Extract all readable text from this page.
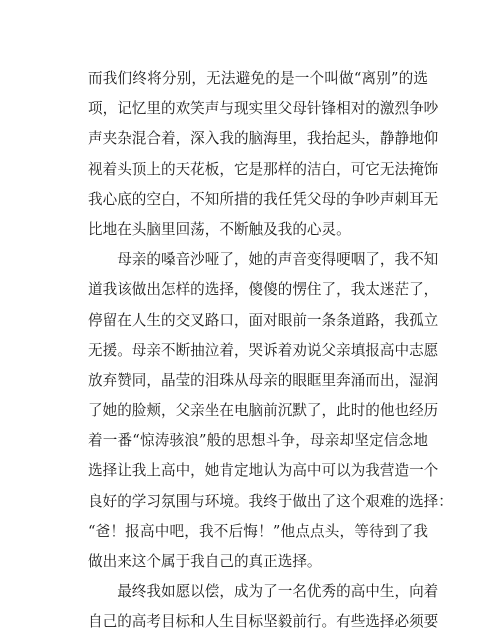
而我们终将分别，无法避免的是一个叫做“离别”的选
项，记忆里的欢笑声与现实里父母针锋相对的激烈争吵
声夹杂混合着，深入我的脑海里，我抬起头，静静地仰
视着头顶上的天花板，它是那样的洁白，可它无法掩饰
我心底的空白，不知所措的我任凭父母的争吵声刺耳无
比地在头脑里回荡，不断触及我的心灵。
　　母亲的嗓音沙哑了，她的声音变得哽咽了，我不知
道我该做出怎样的选择，傻傻的愣住了，我太迷茫了，
停留在人生的交叉路口，面对眼前一条条道路，我孤立
无援。母亲不断抽泣着，哭诉着劝说父亲填报高中志愿
放弃赞同，晶莹的泪珠从母亲的眼眶里奔涌而出，湿润
了她的脸颊，父亲坐在电脑前沉默了，此时的他也经历
着一番“惊涛骇浪”般的思想斗争，母亲却坚定信念地
选择让我上高中，她肯定地认为高中可以为我营造一个
良好的学习氛围与环境。我终于做出了这个艰难的选择：
“爸！报高中吧，我不后悔！”他点点头，等待到了我
做出来这个属于我自己的真正选择。
　　最终我如愿以偿，成为了一名优秀的高中生，向着
自己的高考目标和人生目标坚毅前行。有些选择必须要
